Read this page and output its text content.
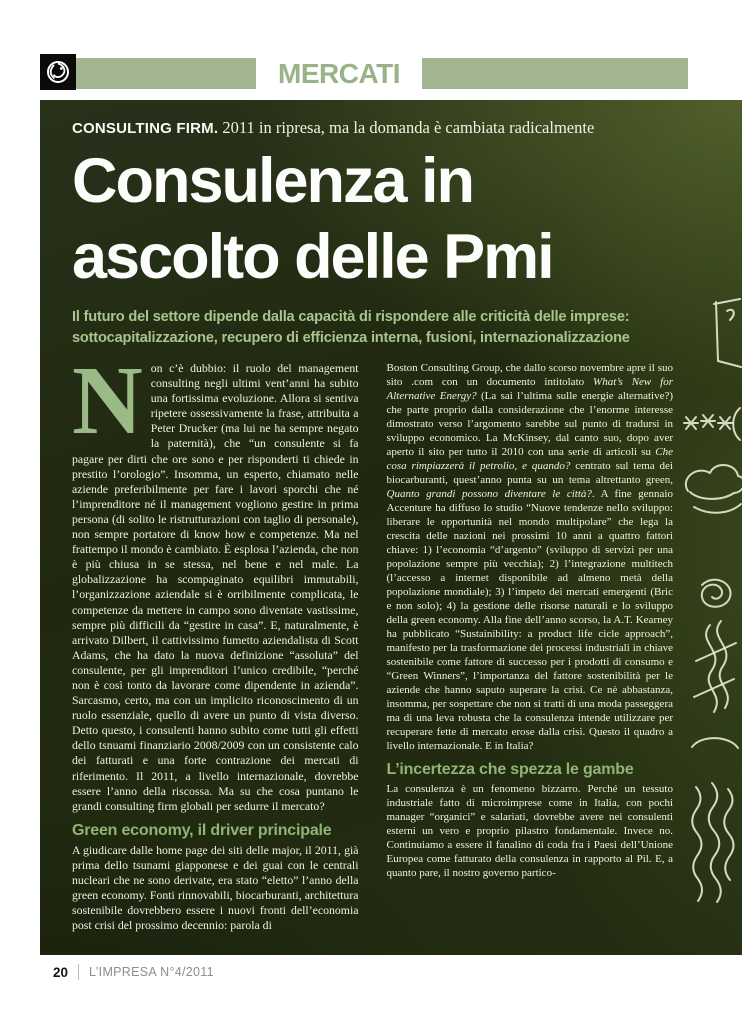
MERCATI
CONSULTING FIRM. 2011 in ripresa, ma la domanda è cambiata radicalmente
Consulenza in
ascolto delle Pmi
Il futuro del settore dipende dalla capacità di rispondere alle criticità delle imprese:
sottocapitalizzazione, recupero di efficienza interna, fusioni, internazionalizzazione

Non c’è dubbio: il ruolo del management consulting negli ultimi vent’anni ha subito una fortissima evoluzione. Allora si sentiva ripetere ossessivamente la frase, attribuita a Peter Drucker (ma lui ne ha sempre negato la paternità), che “un consulente si fa pagare per dirti che ore sono e per risponderti ti chiede in prestito l’orologio”. Insomma, un esperto, chiamato nelle aziende preferibilmente per fare i lavori sporchi che né l’imprenditore né il management vogliono gestire in prima persona (di solito le ristrutturazioni con taglio di personale), non sempre portatore di know how e competenze. Ma nel frattempo il mondo è cambiato. È esplosa l’azienda, che non è più chiusa in se stessa, nel bene e nel male. La globalizzazione ha scompaginato equilibri immutabili, l’organizzazione aziendale si è orribilmente complicata, le competenze da mettere in campo sono diventate vastissime, sempre più difficili da “gestire in casa”. E, naturalmente, è arrivato Dilbert, il cattivissimo fumetto aziendalista di Scott Adams, che ha dato la nuova definizione “assoluta” del consulente, per gli imprenditori l’unico credibile, “perché non è così tonto da lavorare come dipendente in azienda”. Sarcasmo, certo, ma con un implicito riconoscimento di un ruolo essenziale, quello di avere un punto di vista diverso. Detto questo, i consulenti hanno subito come tutti gli effetti dello tsnuami finanziario 2008/2009 con un consistente calo dei fatturati e una forte contrazione dei mercati di riferimento. Il 2011, a livello internazionale, dovrebbe essere l’anno della riscossa. Ma su che cosa puntano le grandi consulting firm globali per sedurre il mercato?

Green economy, il driver principale

A giudicare dalle home page dei siti delle major, il 2011, già prima dello tsunami giapponese e dei guai con le centrali nucleari che ne sono derivate, era stato “eletto” l’anno della green economy. Fonti rinnovabili, biocarburanti, architettura sostenibile dovrebbero essere i nuovi fronti dell’economia post crisi del prossimo decennio: parola di

Boston Consulting Group, che dallo scorso novembre apre il suo sito .com con un documento intitolato What’s New for Alternative Energy? (La sai l’ultima sulle energie alternative?) che parte proprio dalla considerazione che l’enorme interesse dimostrato verso l’argomento sarebbe sul punto di tradursi in sviluppo economico. La McKinsey, dal canto suo, dopo aver aperto il sito per tutto il 2010 con una serie di articoli su Che cosa rimpiazzerà il petrolio, e quando? centrato sul tema dei biocarburanti, quest’anno punta su un tema altrettanto green, Quanto grandi possono diventare le città?. A fine gennaio Accenture ha diffuso lo studio “Nuove tendenze nello sviluppo: liberare le opportunità nel mondo multipolare” che lega la crescita delle nazioni nei prossimi 10 anni a quattro fattori chiave: 1) l’economia “d’argento” (sviluppo di servizi per una popolazione sempre più vecchia); 2) l’integrazione multitech (l’accesso a internet disponibile ad almeno metà della popolazione mondiale); 3) l’impeto dei mercati emergenti (Bric e non solo); 4) la gestione delle risorse naturali e lo sviluppo della green economy. Alla fine dell’anno scorso, la A.T. Kearney ha pubblicato “Sustainibility: a product life cicle approach”, manifesto per la trasformazione dei processi industriali in chiave sostenibile come fattore di successo per i prodotti di consumo e “Green Winners”, l’importanza del fattore sostenibilità per le aziende che hanno saputo superare la crisi. Ce nè abbastanza, insomma, per sospettare che non si tratti di una moda passeggera ma di una leva robusta che la consulenza intende utilizzare per recuperare fette di mercato erose dalla crisi. Questo il quadro a livello internazionale. E in Italia?

L’incertezza che spezza le gambe

La consulenza è un fenomeno bizzarro. Perché un tessuto industriale fatto di microimprese come in Italia, con pochi manager “organici” e salariati, dovrebbe avere nei consulenti esterni un vero e proprio pilastro fondamentale. Invece no. Continuiamo a essere il fanalino di coda fra i Paesi dell’Unione Europea come fatturato della consulenza in rapporto al Pil. E, a quanto pare, il nostro governo partico-

20	L’IMPRESA N°4/2011
